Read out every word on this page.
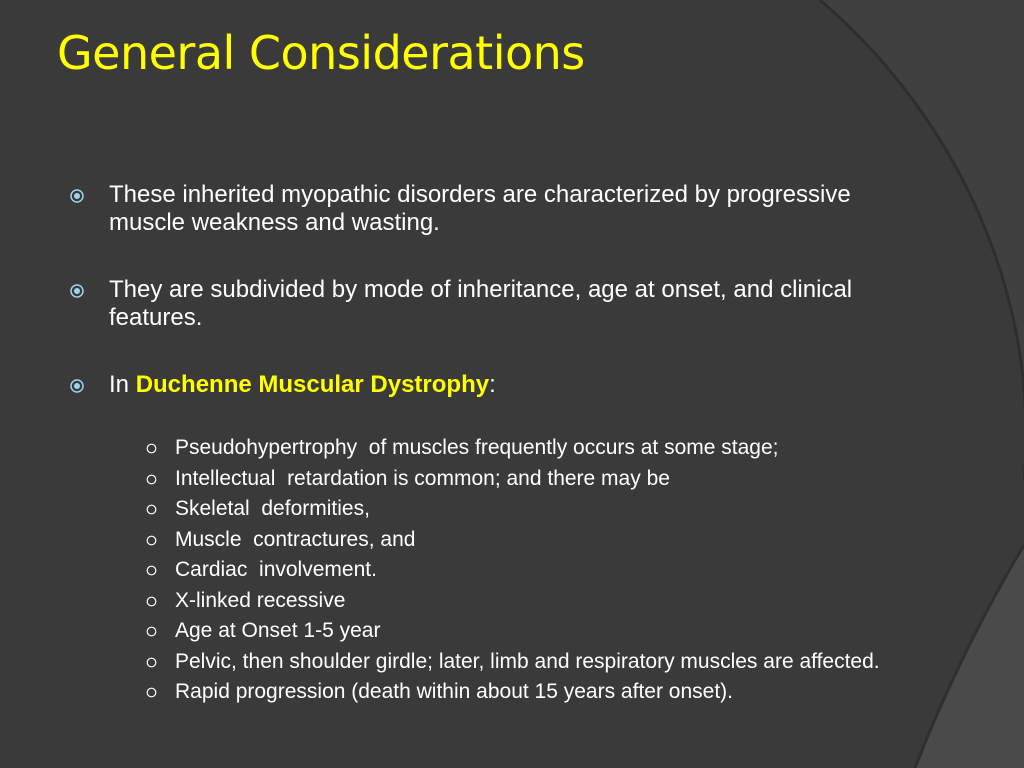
General Considerations
These inherited myopathic disorders are characterized by progressive muscle weakness and wasting.
They are subdivided by mode of inheritance, age at onset, and clinical features.
In Duchenne Muscular Dystrophy:
Pseudohypertrophy  of muscles frequently occurs at some stage;
Intellectual  retardation is common; and there may be
Skeletal  deformities,
Muscle  contractures, and
Cardiac  involvement.
X-linked recessive
Age at Onset 1-5 year
Pelvic, then shoulder girdle; later, limb and respiratory muscles are affected.
Rapid progression (death within about 15 years after onset).
